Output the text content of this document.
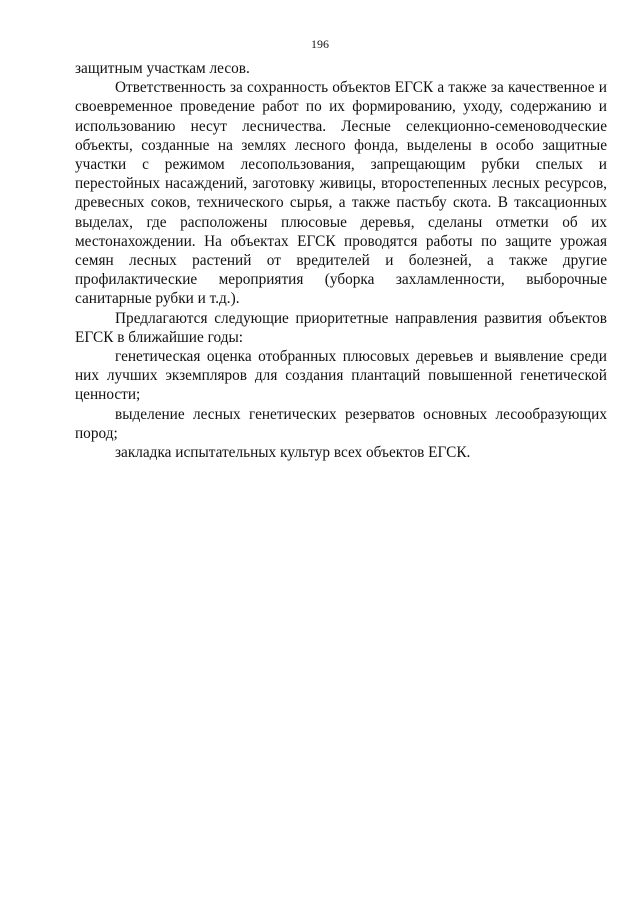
196

защитным участкам лесов.

Ответственность за сохранность объектов ЕГСК а также за качественное и своевременное проведение работ по их формированию, уходу, содержанию и использованию несут лесничества. Лесные селекционно-семеноводческие объекты, созданные на землях лесного фонда, выделены в особо защитные участки с режимом лесопользования, запрещающим рубки спелых и перестойных насаждений, заготовку живицы, второстепенных лесных ресурсов, древесных соков, технического сырья, а также пастьбу скота. В таксационных выделах, где расположены плюсовые деревья, сделаны отметки об их местонахождении. На объектах ЕГСК проводятся работы по защите урожая семян лесных растений от вредителей и болезней, а также другие профилактические мероприятия (уборка захламленности, выборочные санитарные рубки и т.д.).

Предлагаются следующие приоритетные направления развития объектов ЕГСК в ближайшие годы:

генетическая оценка отобранных плюсовых деревьев и выявление среди них лучших экземпляров для создания плантаций повышенной генетической ценности;

выделение лесных генетических резерватов основных лесообразующих пород;

закладка испытательных культур всех объектов ЕГСК.
